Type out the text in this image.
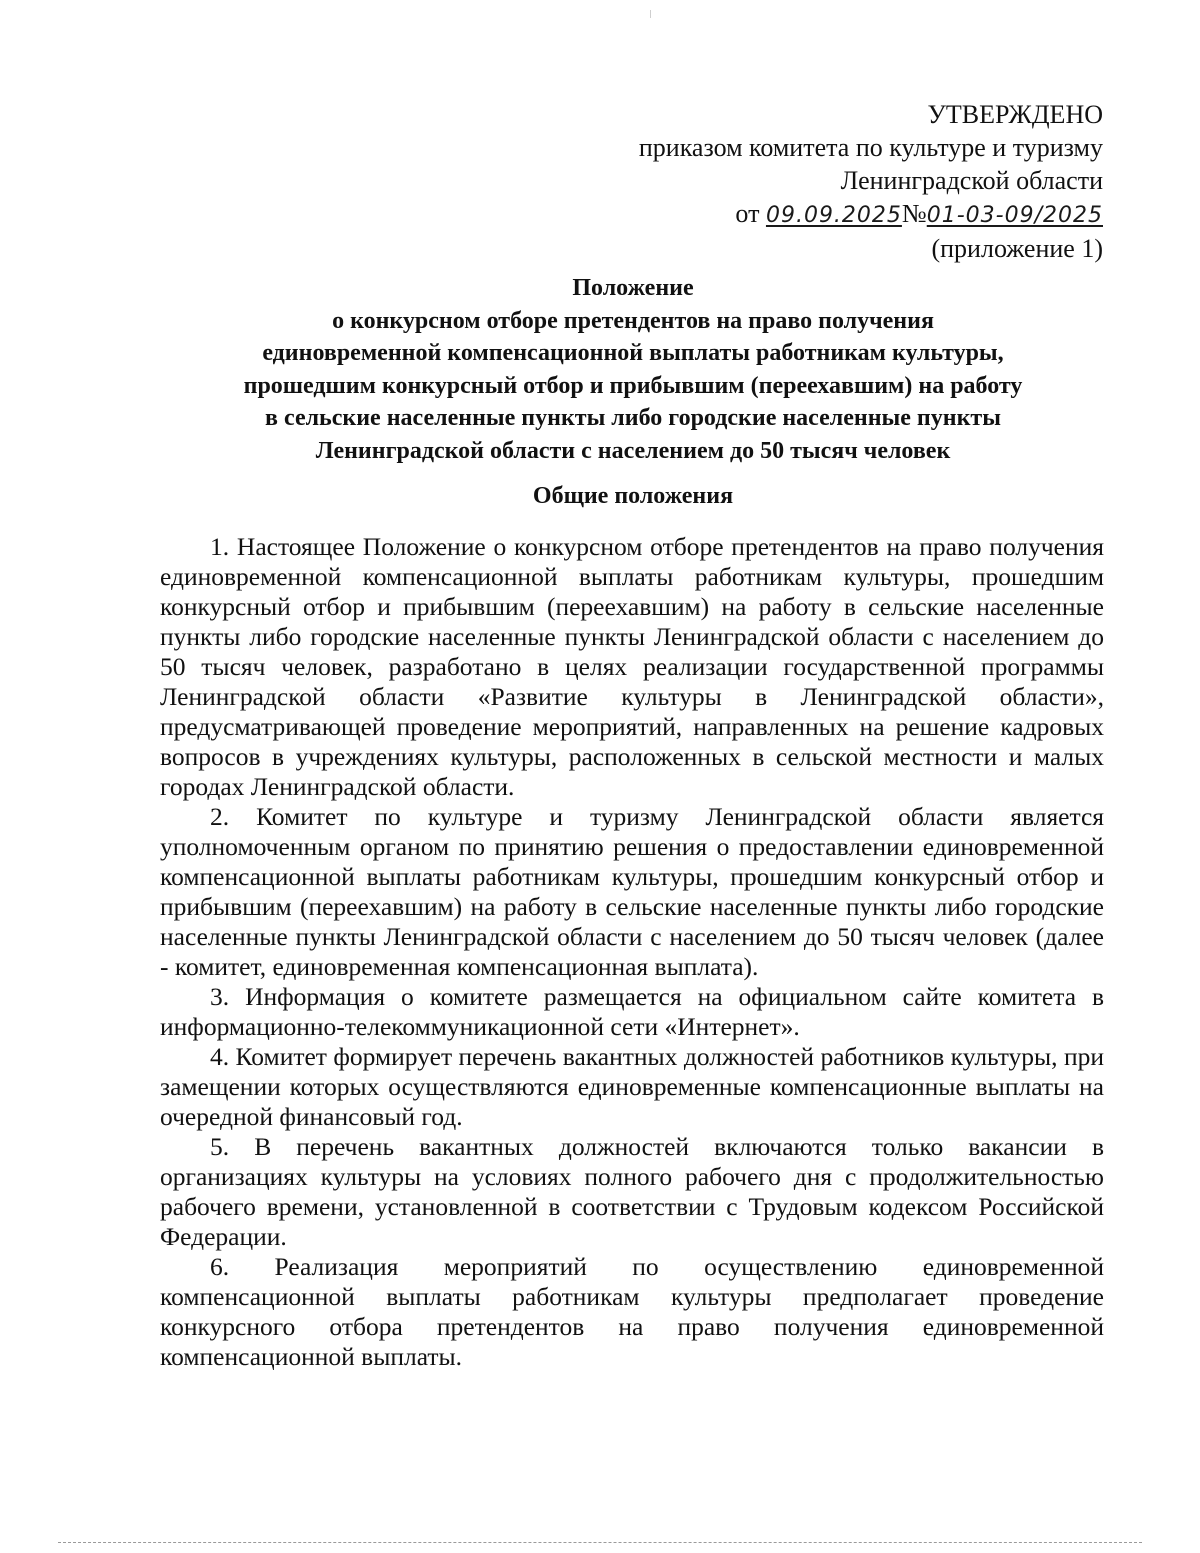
УТВЕРЖДЕНО
приказом комитета по культуре и туризму
Ленинградской области
от 09.09.2025№01-03-09/2025
(приложение 1)
Положение
о конкурсном отборе претендентов на право получения
единовременной компенсационной выплаты работникам культуры,
прошедшим конкурсный отбор и прибывшим (переехавшим) на работу
в сельские населенные пункты либо городские населенные пункты
Ленинградской области с населением до 50 тысяч человек
Общие положения

1. Настоящее Положение о конкурсном отборе претендентов на право получения единовременной компенсационной выплаты работникам культуры, прошедшим конкурсный отбор и прибывшим (переехавшим) на работу в сельские населенные пункты либо городские населенные пункты Ленинградской области с населением до 50 тысяч человек, разработано в целях реализации государственной программы Ленинградской области «Развитие культуры в Ленинградской области», предусматривающей проведение мероприятий, направленных на решение кадровых вопросов в учреждениях культуры, расположенных в сельской местности и малых городах Ленинградской области.

2. Комитет по культуре и туризму Ленинградской области является уполномоченным органом по принятию решения о предоставлении единовременной компенсационной выплаты работникам культуры, прошедшим конкурсный отбор и прибывшим (переехавшим) на работу в сельские населенные пункты либо городские населенные пункты Ленинградской области с населением до 50 тысяч человек (далее - комитет, единовременная компенсационная выплата).

3. Информация о комитете размещается на официальном сайте комитета в информационно-телекоммуникационной сети «Интернет».

4. Комитет формирует перечень вакантных должностей работников культуры, при замещении которых осуществляются единовременные компенсационные выплаты на очередной финансовый год.

5. В перечень вакантных должностей включаются только вакансии в организациях культуры на условиях полного рабочего дня с продолжительностью рабочего времени, установленной в соответствии с Трудовым кодексом Российской Федерации.

6. Реализация мероприятий по осуществлению единовременной компенсационной выплаты работникам культуры предполагает проведение конкурсного отбора претендентов на право получения единовременной компенсационной выплаты.
